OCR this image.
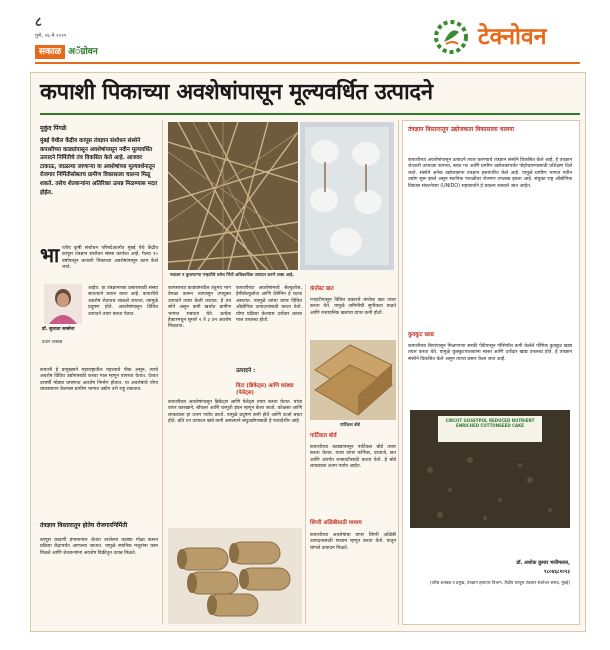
८
पुणे, २६ मे २०२१
सकाळ अॅग्रोवन
टेक्नोवन
कपाशी पिकाच्या अवशेषांपासून मूल्यवर्धित उत्पादने
मुकुंद पिंगळे
मुंबई येथील केंद्रीय कापूस तंत्रज्ञान संशोधन संस्थेने कपाशीच्या काड्यांपासून अवशेषांपासून नवीन मूल्यवर्धित उत्पादने निर्मितीचे तंत्र विकसित केले आहे. आजवर टाकाऊ, जाळल्या जाणाऱ्या या अवशेषांच्या मूल्यवर्धनातून रोजगार निर्मितीसोबतच ग्रामीण विकासाला चालना मिळू शकते. तसेच शेतकऱ्यांना अतिरिक्त उत्पन्न मिळण्यास मदत होईल.
भा रतीय कृषी संशोधन परिषदेअंतर्गत मुंबई येथे केंद्रीय कापूस तंत्रज्ञान संशोधन संस्था कार्यरत आहे. गेल्या १० वर्षांपासून कपाशी पिकाच्या अवशेषांपासून काम केले जाते.
डॉ. सुजाता सक्सेना
प्रधान शास्त्रज्ञ
आहेत. या तंत्रज्ञानाच्या प्रसारासाठी संस्था सातत्याने प्रयत्न करत आहे. कपाशीचे अवशेष शेतातच जाळले जातात, त्यामुळे प्रदूषण होते. अवशेषांपासून विविध उत्पादने तयार करता येतात.
कपाशी हे प्रामुख्याने महाराष्ट्रातील महत्त्वाचे पीक असून, त्याचे अवशेष विविध उद्योगांसाठी कच्चा माल म्हणून वापरता येतात. देशात दरवर्षी मोठ्या प्रमाणात अवशेष निर्माण होतात. या अवशेषांचे योग्य व्यवस्थापन केल्यास ग्रामीण भागात उद्योग उभे राहू शकतात.
तंत्रज्ञान विस्तारातून होतेय रोजगारनिर्मिती
कापूस काढणी हंगामानंतर शेतात उरलेल्या काड्या गोळा करून प्रक्रिया केंद्रापर्यंत आणल्या जातात. यामुळे स्थानिक मजुरांना काम मिळते आणि शेतकऱ्यांना अवशेष विक्रीतून उत्पन्न मिळते.
नकाशा न कुजणाऱ्या पऱ्हाटीचे तसेच भिंती अधिकाधिक उत्पादन करणे शक्य आहे.
कापसाच्या काड्यांमधील तंतुमय भाग वेगळा करून त्यापासून उपयुक्त उत्पादने तयार केली जातात. हे तंत्र सोपे असून कमी खर्चात ग्रामीण भागात राबवता येते. प्रत्येक हेक्टरमधून सुमारे २ ते ३ टन अवशेष मिळतात.
कपाशीच्या अवशेषांमध्ये सेल्युलोज, हेमीसेल्युलोज आणि लिग्निन हे घटक असतात. त्यामुळे त्यांचा वापर विविध औद्योगिक उत्पादनांसाठी करता येतो. योग्य प्रक्रिया केल्यास दर्जेदार कच्चा माल उपलब्ध होतो.
उत्पादने :
विटा (ब्रिकेट्स) आणि कांड्या (पेलेट्स)
कपाशीच्या अवशेषांपासून ब्रिकेट्स आणि पेलेट्स तयार करता येतात. यांचा वापर कारखाने, बॉयलर आणि घरगुती इंधन म्हणून केला जातो. कोळसा आणि लाकडाला हा उत्तम पर्याय ठरतो. यामुळे प्रदूषण कमी होते आणि ऊर्जा बचत होते. प्रति टन उत्पादन खर्च कमी असल्याने लघुउद्योगासाठी हे फायदेशीर आहे.
कंपोस्ट खत
पऱ्हाटीपासून विविध प्रकारचे कंपोस्ट खत तयार करता येते. यामुळे जमिनीची सुपीकता वाढते आणि रासायनिक खतांचा वापर कमी होतो.
पार्टिकल बोर्ड
पार्टिकल बोर्ड
कपाशीच्या काड्यांपासून पार्टिकल बोर्ड तयार करता येतात. याचा वापर फर्निचर, दरवाजे, छत आणि अंतर्गत सजावटीसाठी करता येतो. हे बोर्ड लाकडाला उत्तम पर्याय आहेत.
धिंगरी अळिंबीसाठी माध्यम
कपाशीच्या अवशेषांचा वापर धिंगरी अळिंबी उत्पादनासाठी माध्यम म्हणून करता येतो. यातून चांगले उत्पादन मिळते.
तंत्रज्ञान विस्तारातून उद्योजकता विकासाला चालना
कपाशीच्या अवशेषांपासून उत्पादने तयार करण्याचे तंत्रज्ञान संस्थेने विकसित केले आहे. हे तंत्रज्ञान शेतकरी उत्पादक कंपन्या, बचत गट आणि ग्रामीण उद्योजकांपर्यंत पोहोचवण्यासाठी प्रशिक्षण दिले जाते. संस्थेने अनेक उद्योजकांना तंत्रज्ञान हस्तांतरित केले आहे. यामुळे ग्रामीण भागात नवीन उद्योग सुरू झाले असून स्थानिक पातळीवर रोजगार उपलब्ध झाला आहे. संयुक्त राष्ट्र औद्योगिक विकास संघटनेच्या (UNIDO) सहकार्याने हे प्रकल्प राबवले जात आहेत.
कुक्कुट खाद्य
कपाशीच्या बियांपासून मिळणाऱ्या सरकी पेंडीपासून गॉसिपॉल कमी केलेले पौष्टिक कुक्कुट खाद्य तयार करता येते. यामुळे कुक्कुटपालकांना स्वस्त आणि दर्जेदार खाद्य उपलब्ध होते. हे तंत्रज्ञान संस्थेने विकसित केले असून त्याचा प्रसार केला जात आहे.
CIRCOT GOSSYPOL REDUCED NUTRIENT ENRICHED COTTONSEED CAKE
डॉ. अशोक कुमार भारीमल्ला,
९८०४६८१०२३
(वरिष्ठ शास्त्रज्ञ व प्रमुख, तंत्रज्ञान हस्तांतर विभाग, केंद्रीय कापूस तंत्रज्ञान संशोधन संस्था, मुंबई)
